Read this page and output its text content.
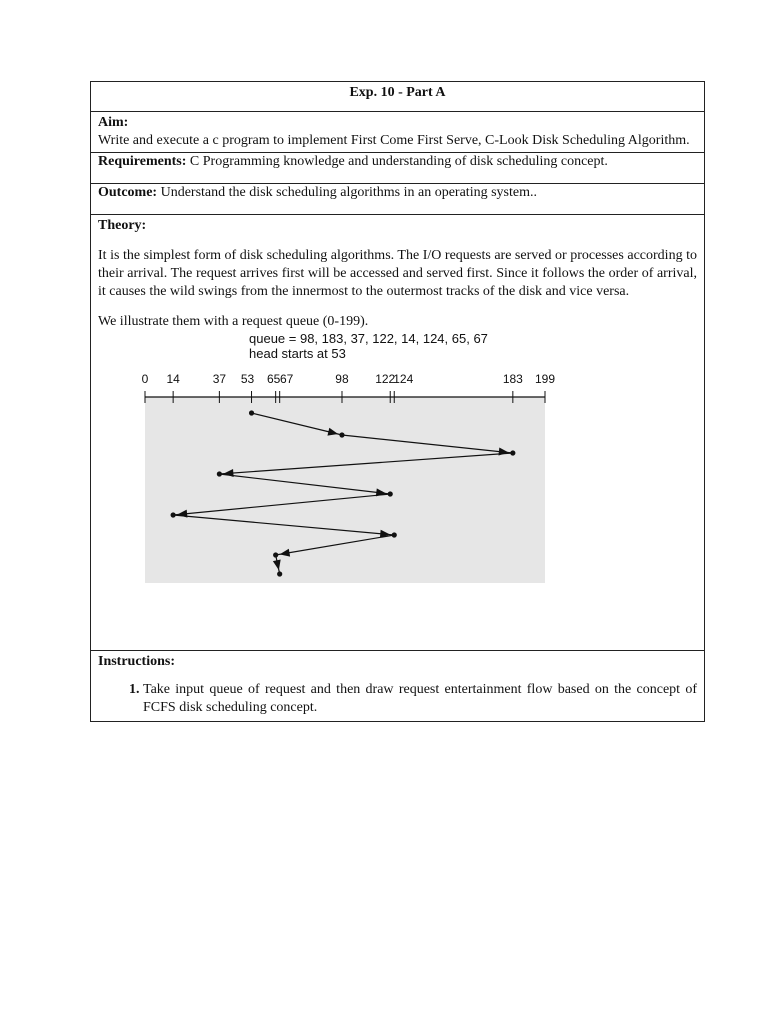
Exp. 10 - Part A

Aim:
Write and execute a c program to implement First Come First Serve, C-Look Disk Scheduling Algorithm.

Requirements: C Programming knowledge and understanding of disk scheduling concept.
Outcome: Understand the disk scheduling algorithms in an operating system..

Theory:

It is the simplest form of disk scheduling algorithms. The I/O requests are served or processes according to their arrival. The request arrives first will be accessed and served first. Since it follows the order of arrival, it causes the wild swings from the innermost to the outermost tracks of the disk and vice versa.

We illustrate them with a request queue (0-199).

queue = 98, 183, 37, 122, 14, 124, 65, 67
head starts at 53
0 14	37 53 65 67	98 122
124	183 199

Instructions:
1. Take input queue of request and then draw request entertainment flow based on the concept of FCFS disk scheduling concept.
